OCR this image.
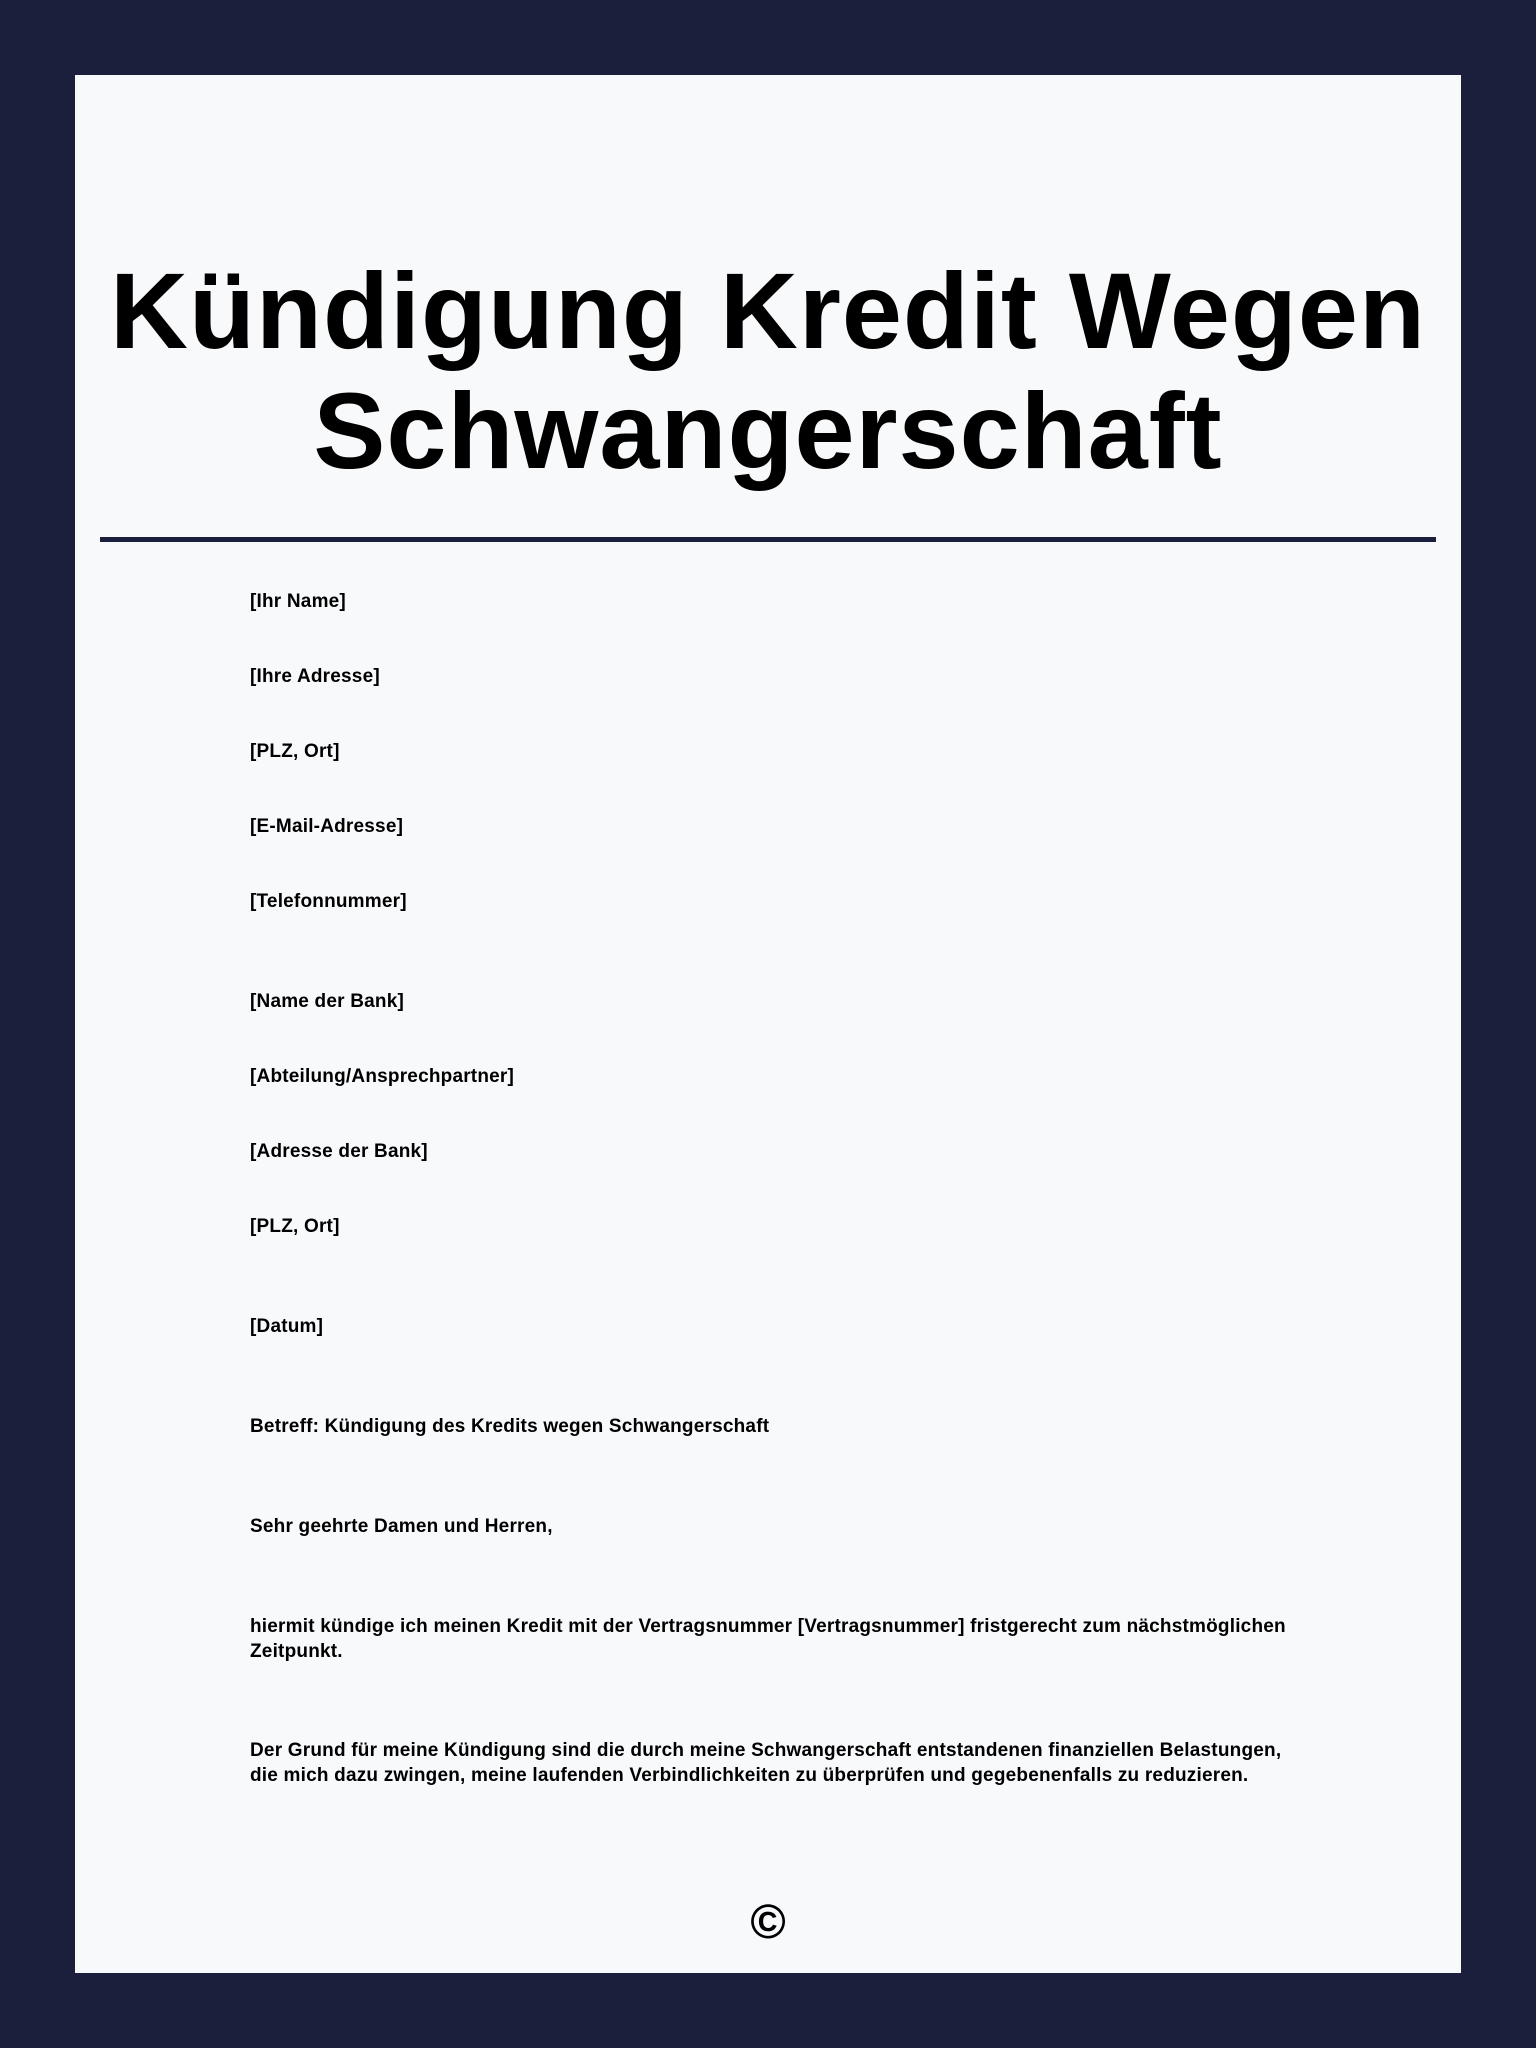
Kündigung Kredit Wegen Schwangerschaft

[Ihr Name]

[Ihre Adresse]

[PLZ, Ort]

[E-Mail-Adresse]

[Telefonnummer]

[Name der Bank]

[Abteilung/Ansprechpartner]

[Adresse der Bank]

[PLZ, Ort]

[Datum]

Betreff: Kündigung des Kredits wegen Schwangerschaft

Sehr geehrte Damen und Herren,

hiermit kündige ich meinen Kredit mit der Vertragsnummer [Vertragsnummer] fristgerecht zum nächstmöglichen Zeitpunkt.

Der Grund für meine Kündigung sind die durch meine Schwangerschaft entstandenen finanziellen Belastungen, die mich dazu zwingen, meine laufenden Verbindlichkeiten zu überprüfen und gegebenenfalls zu reduzieren.

©
